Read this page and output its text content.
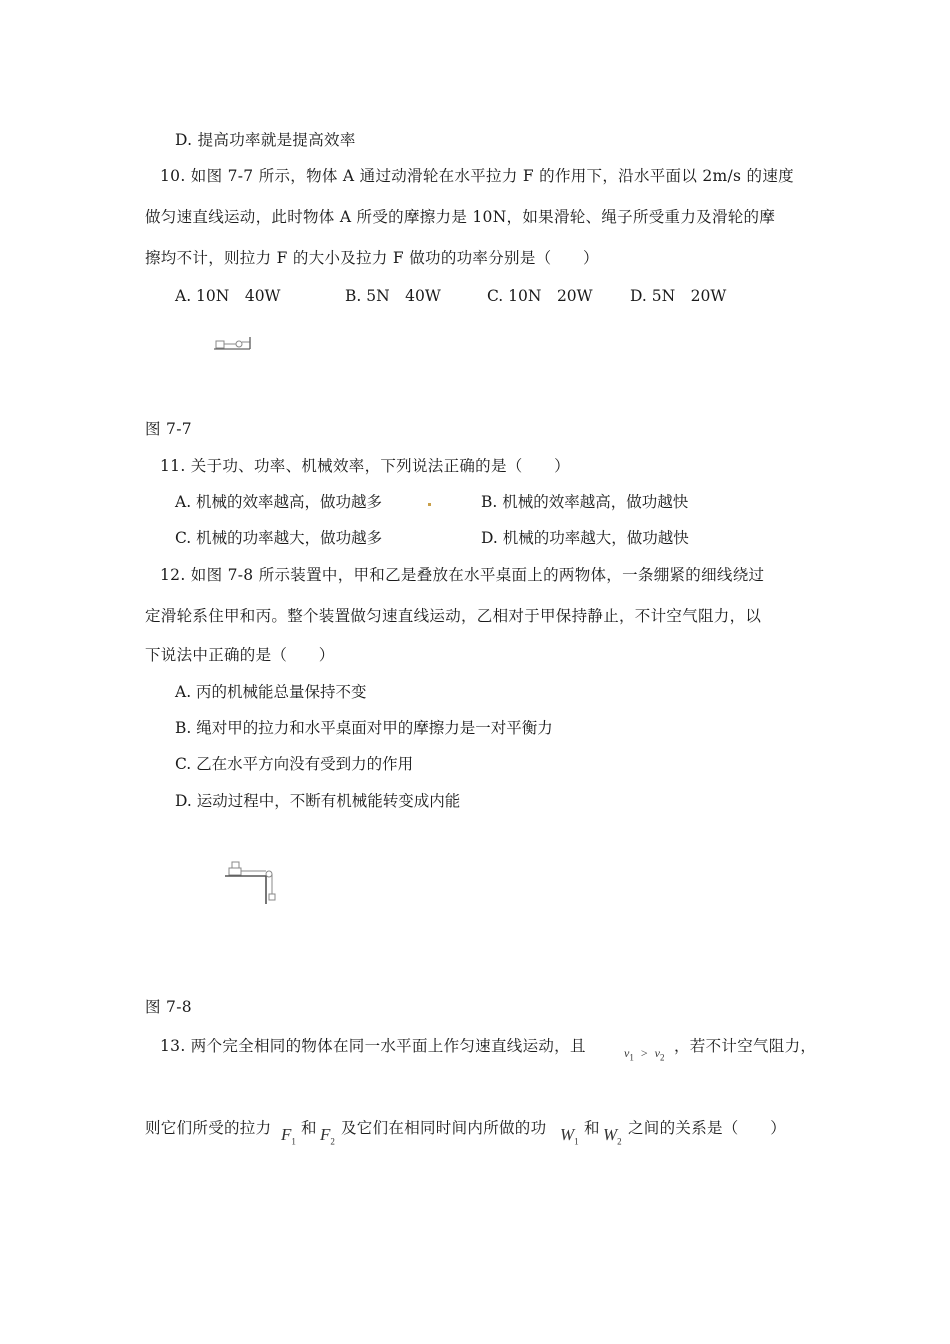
D. 提高功率就是提高效率
10. 如图 7-7 所示，物体 A 通过动滑轮在水平拉力 F 的作用下，沿水平面以 2m/s 的速度
做匀速直线运动，此时物体 A 所受的摩擦力是 10N，如果滑轮、绳子所受重力及滑轮的摩
擦均不计，则拉力 F 的大小及拉力 F 做功的功率分别是（　　）
A. 10N　40W	B. 5N　40W	C. 10N　20W D. 5N　20W
图 7-7
11. 关于功、功率、机械效率，下列说法正确的是（　　）
A. 机械的效率越高，做功越多	B. 机械的效率越高，做功越快
C. 机械的功率越大，做功越多	D. 机械的功率越大，做功越快
12. 如图 7-8 所示装置中，甲和乙是叠放在水平桌面上的两物体，一条绷紧的细线绕过
定滑轮系住甲和丙。整个装置做匀速直线运动，乙相对于甲保持静止，不计空气阻力，以
下说法中正确的是（　　）
A. 丙的机械能总量保持不变
B. 绳对甲的拉力和水平桌面对甲的摩擦力是一对平衡力
C. 乙在水平方向没有受到力的作用
D. 运动过程中，不断有机械能转变成内能
图 7-8
13. 两个完全相同的物体在同一水平面上作匀速直线运动，且	$v_1 > v_2$
，若不计空气阻力，
则它们所受的拉力 $F_1$
和 $F_2$
及它们在相同时间内所做的功 $W_1$
和 $W_2$
之间的关系是（　　）
